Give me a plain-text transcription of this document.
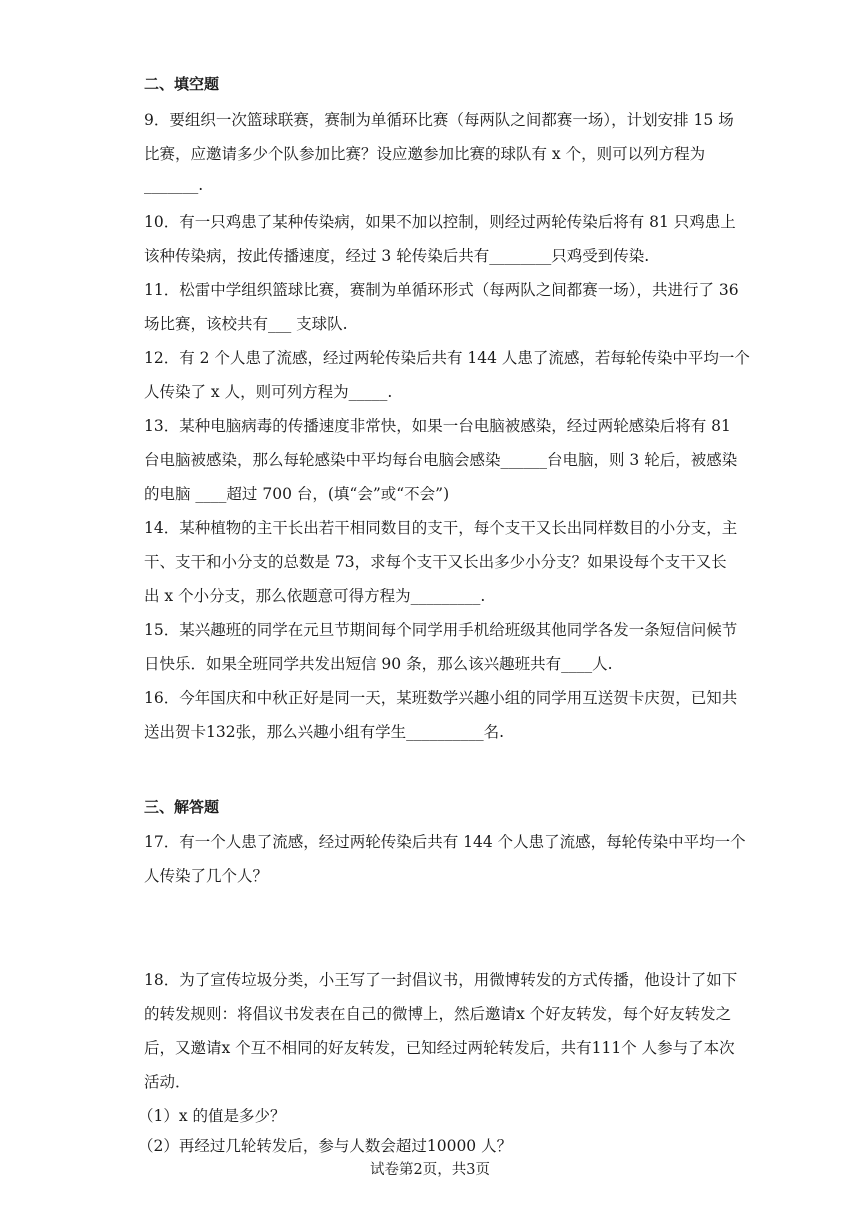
二、填空题
9．要组织一次篮球联赛，赛制为单循环比赛（每两队之间都赛一场），计划安排 15 场
比赛，应邀请多少个队参加比赛？设应邀参加比赛的球队有 x 个，则可以列方程为
_______.
10．有一只鸡患了某种传染病，如果不加以控制，则经过两轮传染后将有 81 只鸡患上
该种传染病，按此传播速度，经过 3 轮传染后共有________只鸡受到传染.
11．松雷中学组织篮球比赛，赛制为单循环形式（每两队之间都赛一场），共进行了 36
场比赛，该校共有___ 支球队.
12．有 2 个人患了流感，经过两轮传染后共有 144 人患了流感，若每轮传染中平均一个
人传染了 x 人，则可列方程为_____.
13．某种电脑病毒的传播速度非常快，如果一台电脑被感染，经过两轮感染后将有 81
台电脑被感染，那么每轮感染中平均每台电脑会感染______台电脑，则 3 轮后，被感染
的电脑 ____超过 700 台，(填“会”或“不会”)
14．某种植物的主干长出若干相同数目的支干，每个支干又长出同样数目的小分支，主
干、支干和小分支的总数是 73，求每个支干又长出多少小分支？如果设每个支干又长
出 x 个小分支，那么依题意可得方程为_________.
15．某兴趣班的同学在元旦节期间每个同学用手机给班级其他同学各发一条短信问候节
日快乐．如果全班同学共发出短信 90 条，那么该兴趣班共有____人.
16．今年国庆和中秋正好是同一天，某班数学兴趣小组的同学用互送贺卡庆贺，已知共
送出贺卡132张，那么兴趣小组有学生__________名.
三、解答题
17．有一个人患了流感，经过两轮传染后共有 144 个人患了流感，每轮传染中平均一个
人传染了几个人？
18．为了宣传垃圾分类，小王写了一封倡议书，用微博转发的方式传播，他设计了如下
的转发规则：将倡议书发表在自己的微博上，然后邀请x 个好友转发，每个好友转发之
后，又邀请x 个互不相同的好友转发，已知经过两轮转发后，共有111个 人参与了本次
活动．
（1）x 的值是多少？
（2）再经过几轮转发后，参与人数会超过10000 人？
试卷第2页，共3页
